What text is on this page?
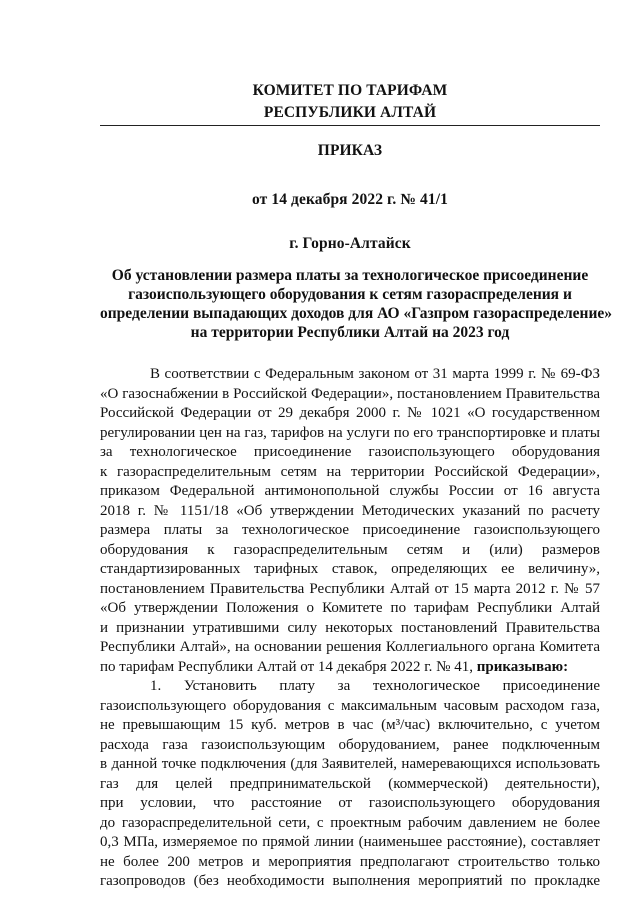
КОМИТЕТ ПО ТАРИФАМ
РЕСПУБЛИКИ АЛТАЙ
ПРИКАЗ
от 14 декабря 2022 г. № 41/1
г. Горно-Алтайск
Об установлении размера платы за технологическое присоединение
газоиспользующего оборудования к сетям газораспределения и
определении выпадающих доходов для АО «Газпром газораспределение»
на территории Республики Алтай на 2023 год
В соответствии с Федеральным законом от 31 марта 1999 г. № 69-ФЗ
«О газоснабжении в Российской Федерации», постановлением Правительства
Российской Федерации от 29 декабря 2000 г. № 1021 «О государственном
регулировании цен на газ, тарифов на услуги по его транспортировке и платы
за технологическое присоединение газоиспользующего оборудования
к газораспределительным сетям на территории Российской Федерации»,
приказом Федеральной антимонопольной службы России от 16 августа
2018 г. № 1151/18 «Об утверждении Методических указаний по расчету
размера платы за технологическое присоединение газоиспользующего
оборудования к газораспределительным сетям и (или) размеров
стандартизированных тарифных ставок, определяющих ее величину»,
постановлением Правительства Республики Алтай от 15 марта 2012 г. № 57
«Об утверждении Положения о Комитете по тарифам Республики Алтай
и признании утратившими силу некоторых постановлений Правительства
Республики Алтай», на основании решения Коллегиального органа Комитета
по тарифам Республики Алтай от 14 декабря 2022 г. № 41, приказываю:
1. Установить плату за технологическое присоединение
газоиспользующего оборудования с максимальным часовым расходом газа,
не превышающим 15 куб. метров в час (м³/час) включительно, с учетом
расхода газа газоиспользующим оборудованием, ранее подключенным
в данной точке подключения (для Заявителей, намеревающихся использовать
газ для целей предпринимательской (коммерческой) деятельности),
при условии, что расстояние от газоиспользующего оборудования
до газораспределительной сети, с проектным рабочим давлением не более
0,3 МПа, измеряемое по прямой линии (наименьшее расстояние), составляет
не более 200 метров и мероприятия предполагают строительство только
газопроводов (без необходимости выполнения мероприятий по прокладке
